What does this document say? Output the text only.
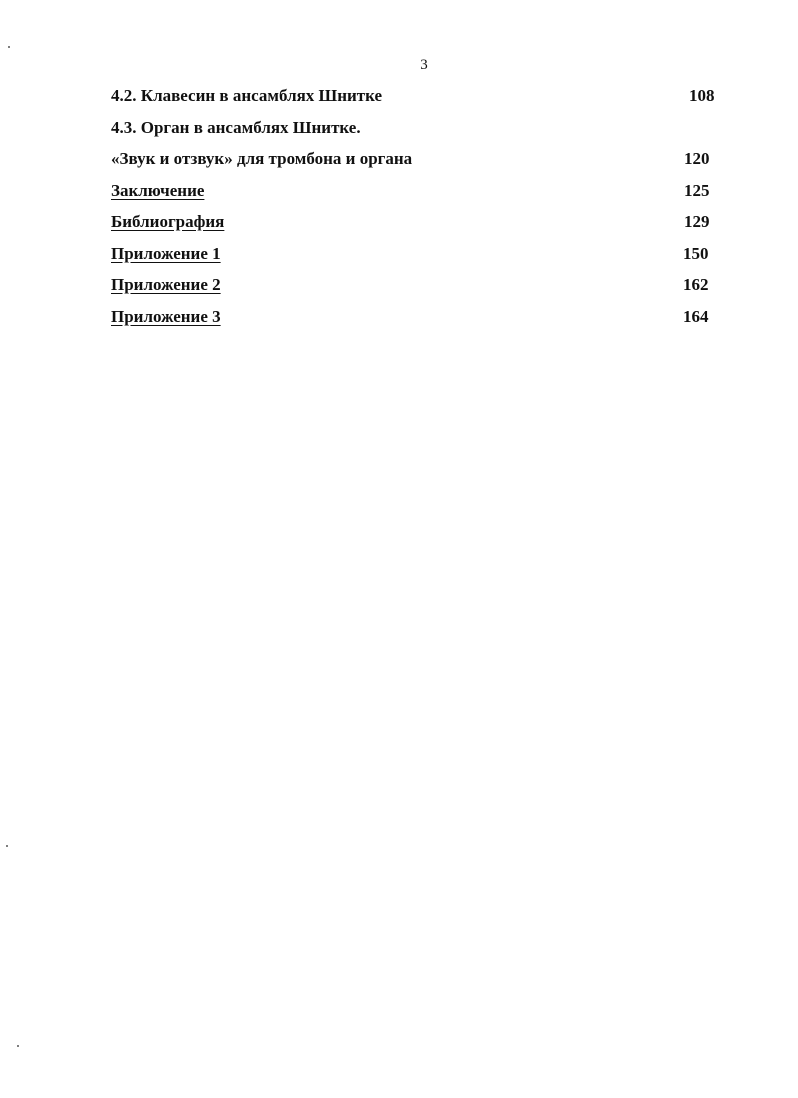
3
4.2. Клавесин в ансамблях Шнитке	108
4.3. Орган в ансамблях Шнитке.
«Звук и отзвук» для тромбона и органа	120
Заключение	125
Библиография	129
Приложение 1	150
Приложение 2	162
Приложение 3	164
